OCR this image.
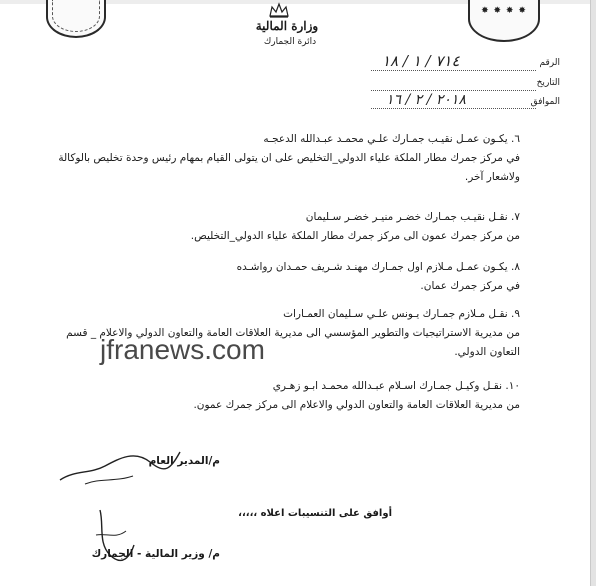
✸ ✸ ✸ ✸
وزارة المالية
دائرة الجمارك
الرقم
التاريخ
الموافق
٧١٤ / ١ / ١٨
٢٠١٨ / ٢ / ١٦
٦. يكـون عمـل نقيـب جمـارك علـي محمـد عبـدالله الدعجـه
في مركز جمرك مطار الملكة علياء الدولي_التخليص على ان يتولى القيام بمهام رئيس وحدة تخليص بالوكالة ولاشعار آخر.
٧. نقـل نقيـب جمـارك خضـر منيـر خضـر سـليمان
من مركز جمرك عمون الى مركز جمرك مطار الملكة علياء الدولي_التخليص.
٨. يكـون عمـل مـلازم اول جمـارك مهنـد شـريف حمـدان رواشـده
في مركز جمرك عمان.
٩. نقـل مـلازم جمـارك يـونس علـي سـليمان العمـارات
من مديرية الاستراتيجيات والتطوير المؤسسي الى مديرية العلاقات العامة والتعاون الدولي والاعلام _ قسم التعاون الدولي.
١٠. نقـل وكيـل جمـارك اسـلام عبـدالله محمـد ابـو زهـري
من مديرية العلاقات العامة والتعاون الدولي والاعلام الى مركز جمرك عمون.
jfranews.com
م/المدير العام
أوافق على التنسيبات اعلاه ،،،،،
م/ وزير المالية - الجمارك
